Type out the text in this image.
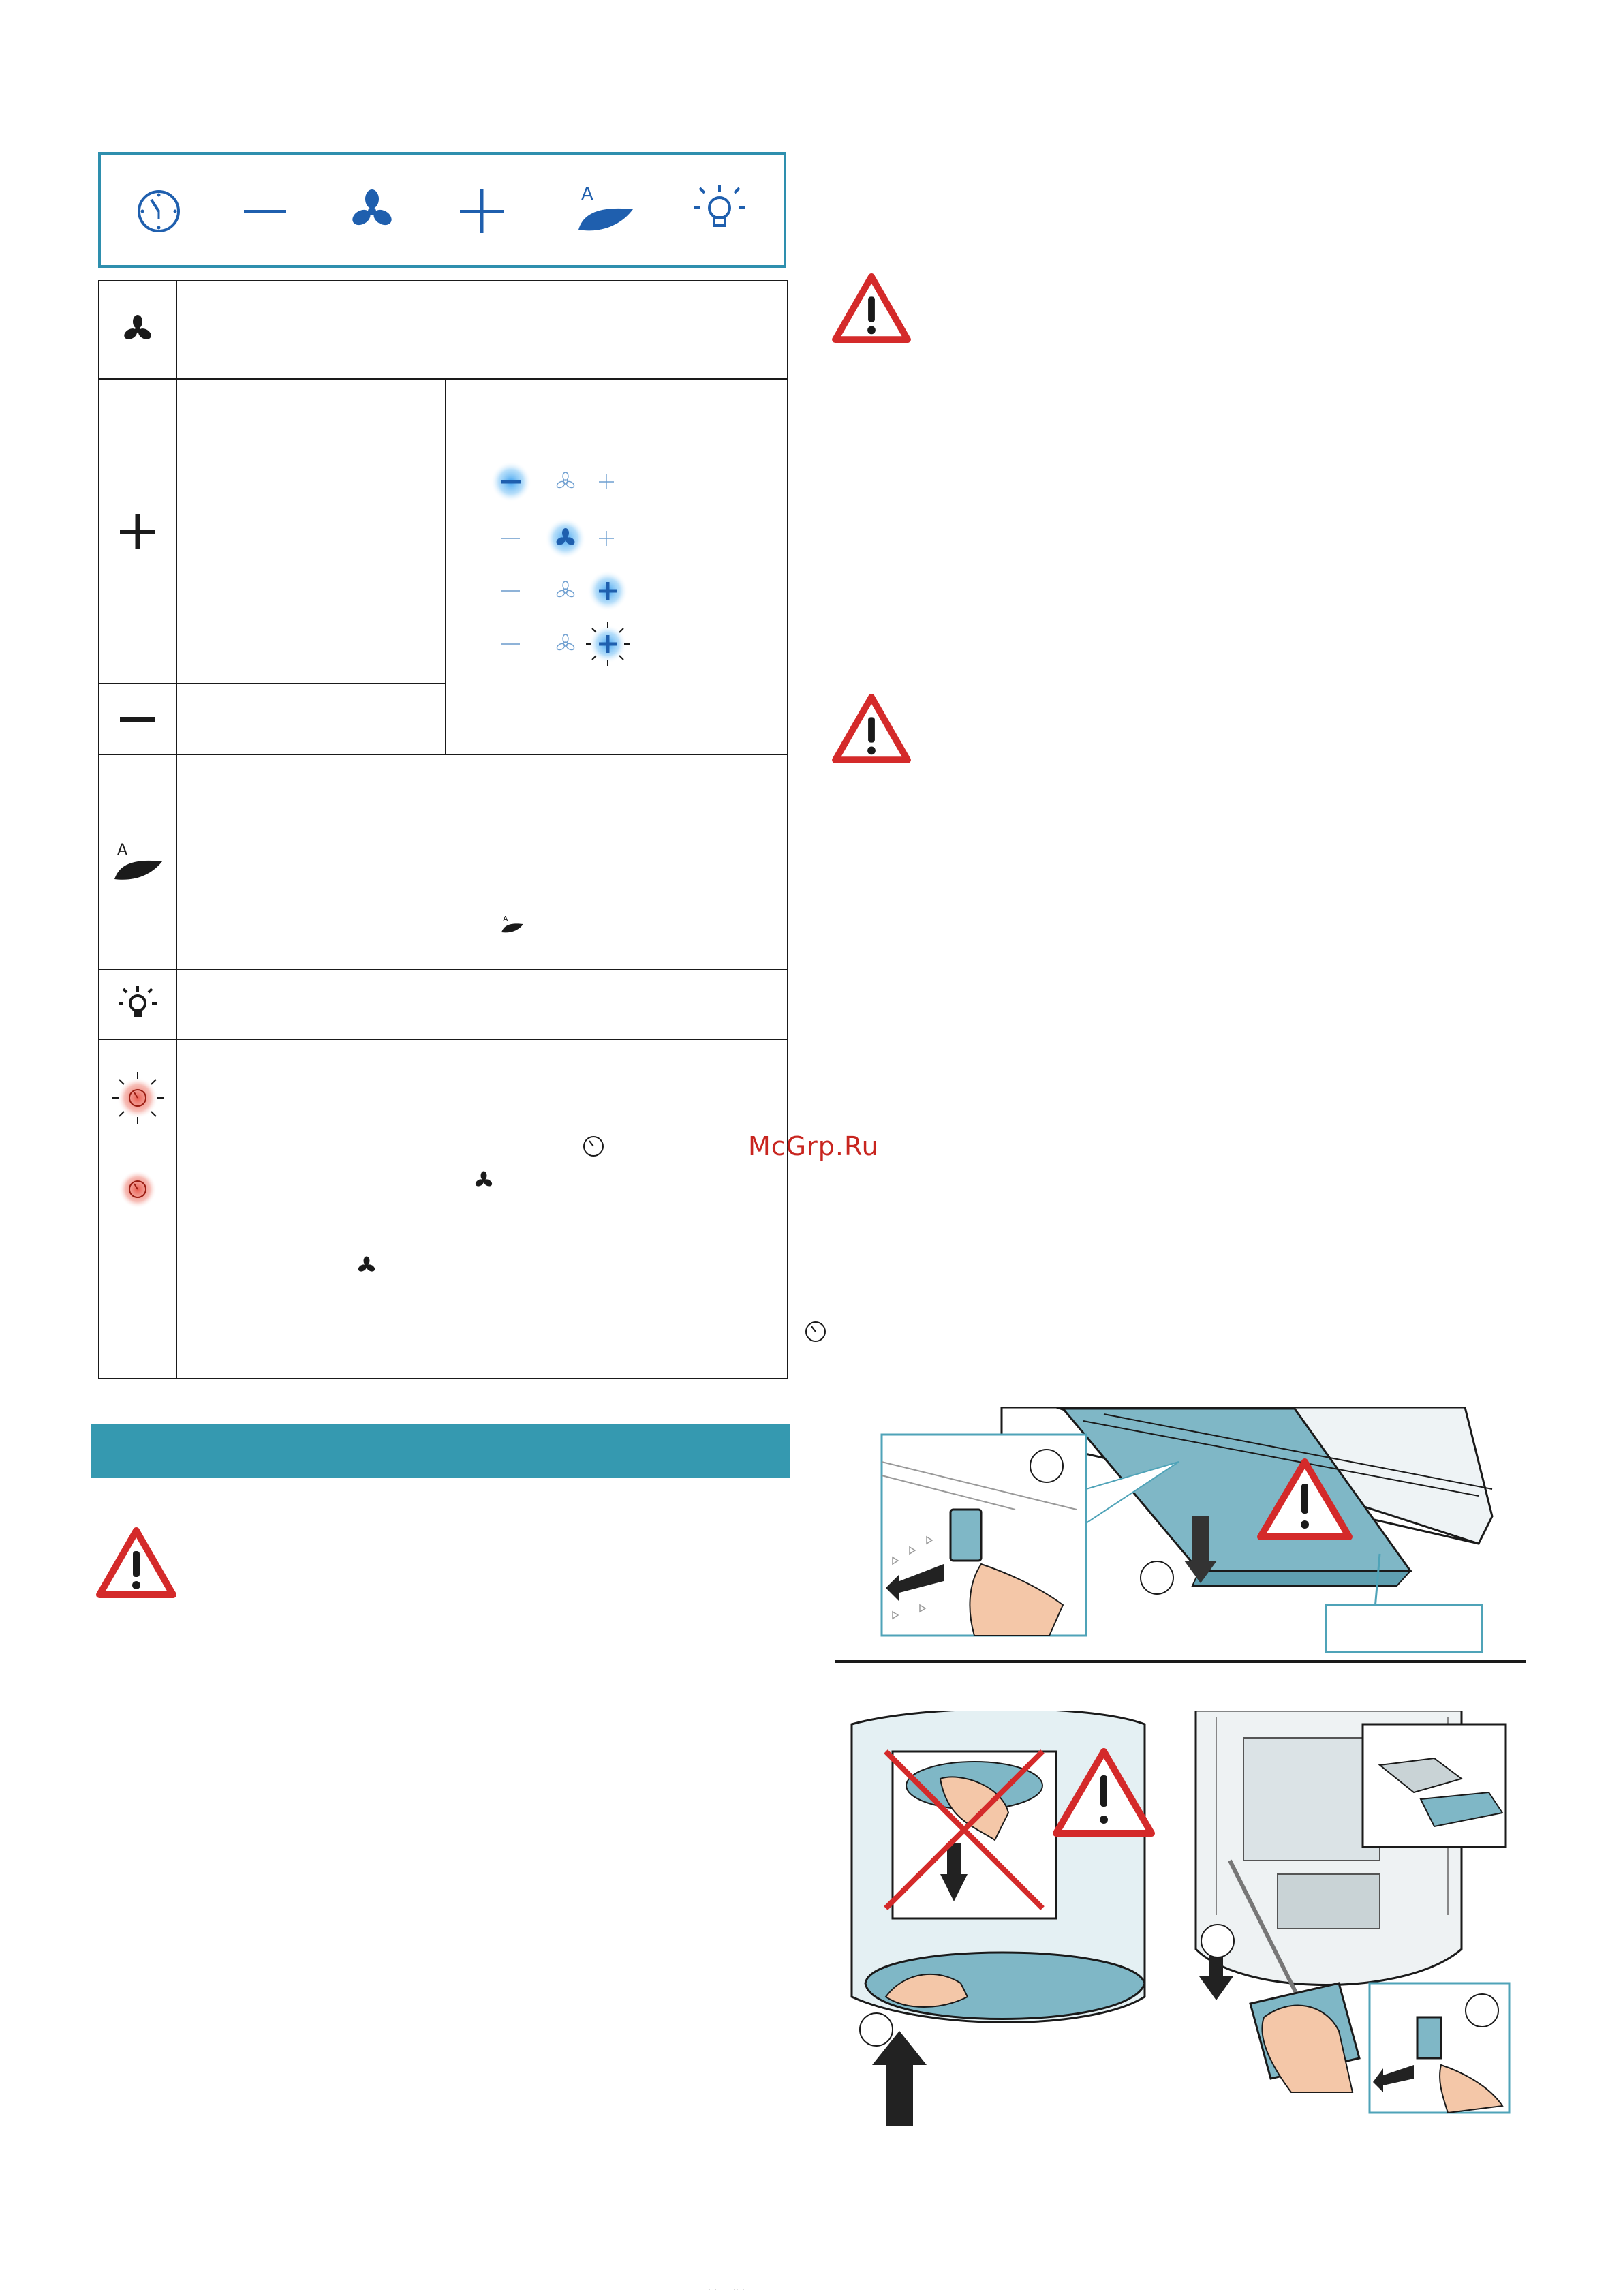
A

A	A	

McGrp.Ru
· · · · ·· ·
